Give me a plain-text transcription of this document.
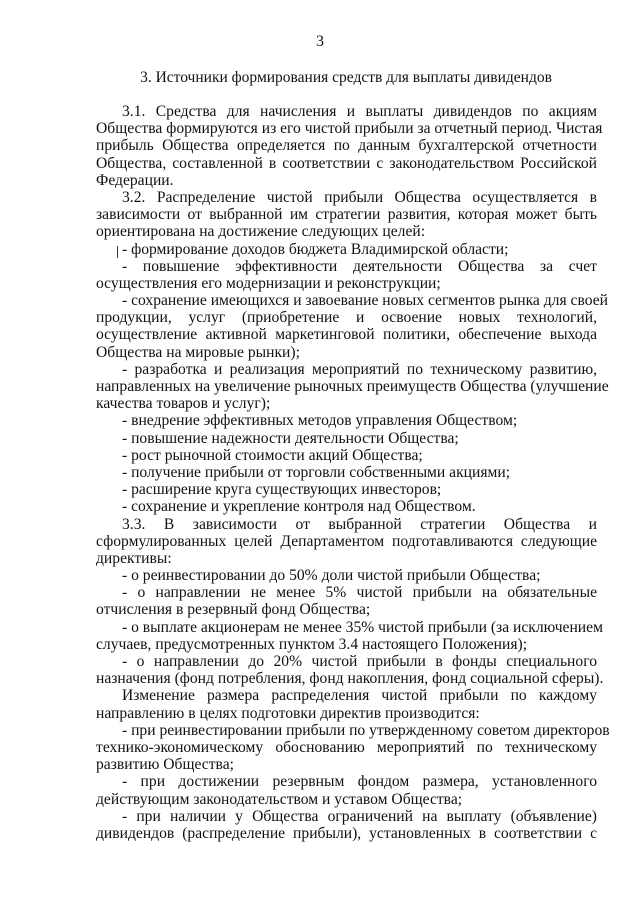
3
3. Источники формирования средств для выплаты дивидендов
3.1. Средства для начисления и выплаты дивидендов по акциям
Общества формируются из его чистой прибыли за отчетный период. Чистая
прибыль Общества определяется по данным бухгалтерской отчетности
Общества, составленной в соответствии с законодательством Российской
Федерации.
3.2. Распределение чистой прибыли Общества осуществляется в
зависимости от выбранной им стратегии развития, которая может быть
ориентирована на достижение следующих целей:
- формирование доходов бюджета Владимирской области;
- повышение эффективности деятельности Общества за счет
осуществления его модернизации и реконструкции;
- сохранение имеющихся и завоевание новых сегментов рынка для своей
продукции, услуг (приобретение и освоение новых технологий,
осуществление активной маркетинговой политики, обеспечение выхода
Общества на мировые рынки);
- разработка и реализация мероприятий по техническому развитию,
направленных на увеличение рыночных преимуществ Общества (улучшение
качества товаров и услуг);
- внедрение эффективных методов управления Обществом;
- повышение надежности деятельности Общества;
- рост рыночной стоимости акций Общества;
- получение прибыли от торговли собственными акциями;
- расширение круга существующих инвесторов;
- сохранение и укрепление контроля над Обществом.
3.3. В зависимости от выбранной стратегии Общества и
сформулированных целей Департаментом подготавливаются следующие
директивы:
- о реинвестировании до 50% доли чистой прибыли Общества;
- о направлении не менее 5% чистой прибыли на обязательные
отчисления в резервный фонд Общества;
- о выплате акционерам не менее 35% чистой прибыли (за исключением
случаев, предусмотренных пунктом 3.4 настоящего Положения);
- о направлении до 20% чистой прибыли в фонды специального
назначения (фонд потребления, фонд накопления, фонд социальной сферы).
Изменение размера распределения чистой прибыли по каждому
направлению в целях подготовки директив производится:
- при реинвестировании прибыли по утвержденному советом директоров
технико-экономическому обоснованию мероприятий по техническому
развитию Общества;
- при достижении резервным фондом размера, установленного
действующим законодательством и уставом Общества;
- при наличии у Общества ограничений на выплату (объявление)
дивидендов (распределение прибыли), установленных в соответствии с
